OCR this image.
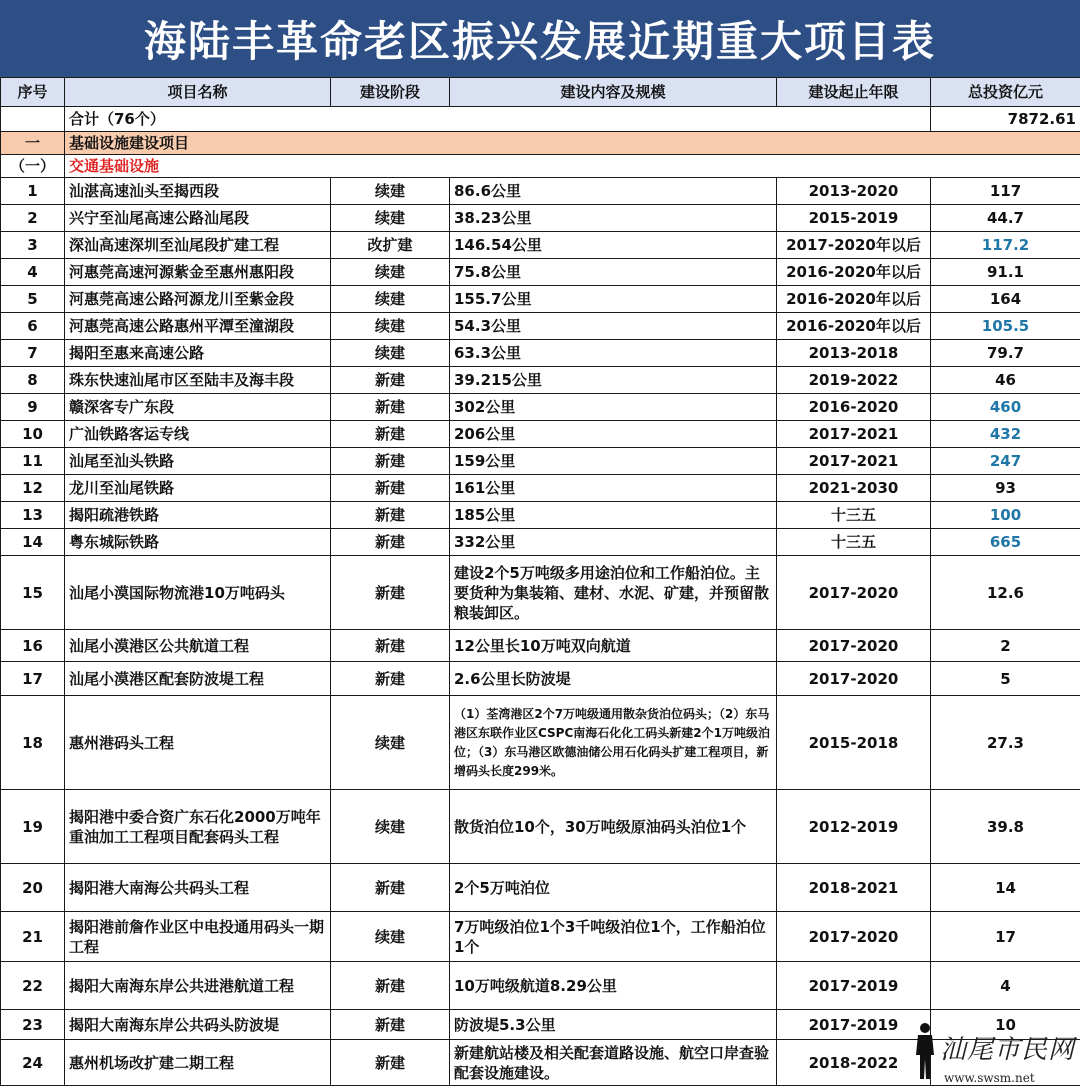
海陆丰革命老区振兴发展近期重大项目表
序号	项目名称	建设阶段	建设内容及规模	建设起止年限	总投资亿元
	合计（76个）				7872.61
一	基础设施建设项目				
（一）	交通基础设施				
1	汕湛高速汕头至揭西段	续建	86.6公里	2013-2020	117
2	兴宁至汕尾高速公路汕尾段	续建	38.23公里	2015-2019	44.7
3	深汕高速深圳至汕尾段扩建工程	改扩建	146.54公里	2017-2020年以后	117.2
4	河惠莞高速河源紫金至惠州惠阳段	续建	75.8公里	2016-2020年以后	91.1
5	河惠莞高速公路河源龙川至紫金段	续建	155.7公里	2016-2020年以后	164
6	河惠莞高速公路惠州平潭至潼湖段	续建	54.3公里	2016-2020年以后	105.5
7	揭阳至惠来高速公路	续建	63.3公里	2013-2018	79.7
8	珠东快速汕尾市区至陆丰及海丰段	新建	39.215公里	2019-2022	46
9	赣深客专广东段	新建	302公里	2016-2020	460
10	广汕铁路客运专线	新建	206公里	2017-2021	432
11	汕尾至汕头铁路	新建	159公里	2017-2021	247
12	龙川至汕尾铁路	新建	161公里	2021-2030	93
13	揭阳疏港铁路	新建	185公里	十三五	100
14	粤东城际铁路	新建	332公里	十三五	665
15	汕尾小漠国际物流港10万吨码头	新建	建设2个5万吨级多用途泊位和工作船泊位。主要货种为集装箱、建材、水泥、矿建，并预留散粮装卸区。	2017-2020	12.6
16	汕尾小漠港区公共航道工程	新建	12公里长10万吨双向航道	2017-2020	2
17	汕尾小漠港区配套防波堤工程	新建	2.6公里长防波堤	2017-2020	5
18	惠州港码头工程	续建	（1）荃湾港区2个7万吨级通用散杂货泊位码头；（2）东马港区东联作业区CSPC南海石化化工码头新建2个1万吨级泊位；（3）东马港区欧德油储公用石化码头扩建工程项目，新增码头长度299米。	2015-2018	27.3
19	揭阳港中委合资广东石化2000万吨年重油加工工程项目配套码头工程	续建	散货泊位10个，30万吨级原油码头泊位1个	2012-2019	39.8
20	揭阳港大南海公共码头工程	新建	2个5万吨泊位	2018-2021	14
21	揭阳港前詹作业区中电投通用码头一期工程	续建	7万吨级泊位1个3千吨级泊位1个，工作船泊位1个	2017-2020	17
22	揭阳大南海东岸公共进港航道工程	新建	10万吨级航道8.29公里	2017-2019	4
23	揭阳大南海东岸公共码头防波堤	新建	防波堤5.3公里	2017-2019	10
24	惠州机场改扩建二期工程	新建	新建航站楼及相关配套道路设施、航空口岸查验配套设施建设。	2018-2022	汕尾市民网
www.swsm.net
